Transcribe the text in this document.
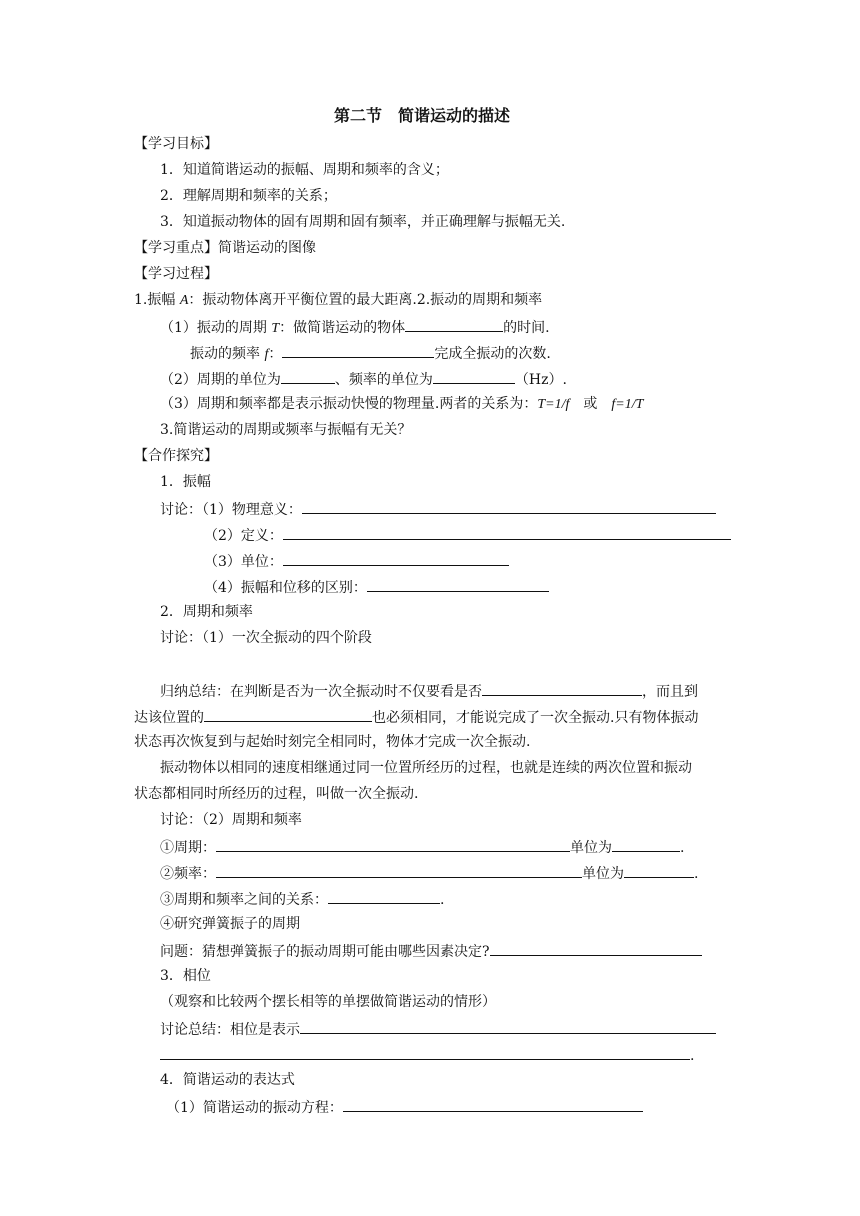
第二节　简谐运动的描述
【学习目标】
1．知道简谐运动的振幅、周期和频率的含义；
2．理解周期和频率的关系；
3．知道振动物体的固有周期和固有频率，并正确理解与振幅无关.
【学习重点】简谐运动的图像
【学习过程】
1.振幅 A：振动物体离开平衡位置的最大距离.2.振动的周期和频率
（1）振动的周期 T：做简谐运动的物体	的时间.
振动的频率 f：	完成全振动的次数.
（2）周期的单位为	、频率的单位为	（Hz）.
（3）周期和频率都是表示振动快慢的物理量.两者的关系为：T=1/f　或　f=1/T
3.简谐运动的周期或频率与振幅有无关？
【合作探究】
1．振幅
讨论：（1）物理意义：
（2）定义：
（3）单位：
（4）振幅和位移的区别：
2．周期和频率
讨论：（1）一次全振动的四个阶段
归纳总结：在判断是否为一次全振动时不仅要看是否	，而且到
达该位置的	也必须相同，才能说完成了一次全振动.只有物体振动
状态再次恢复到与起始时刻完全相同时，物体才完成一次全振动.
振动物体以相同的速度相继通过同一位置所经历的过程，也就是连续的两次位置和振动
状态都相同时所经历的过程，叫做一次全振动.
讨论：（2）周期和频率
①周期：	单位为	.
②频率：	单位为	.
③周期和频率之间的关系：	.
④研究弹簧振子的周期
问题：猜想弹簧振子的振动周期可能由哪些因素决定?
3．相位
（观察和比较两个摆长相等的单摆做简谐运动的情形）
讨论总结：相位是表示
.
4．简谐运动的表达式
（1）简谐运动的振动方程：
